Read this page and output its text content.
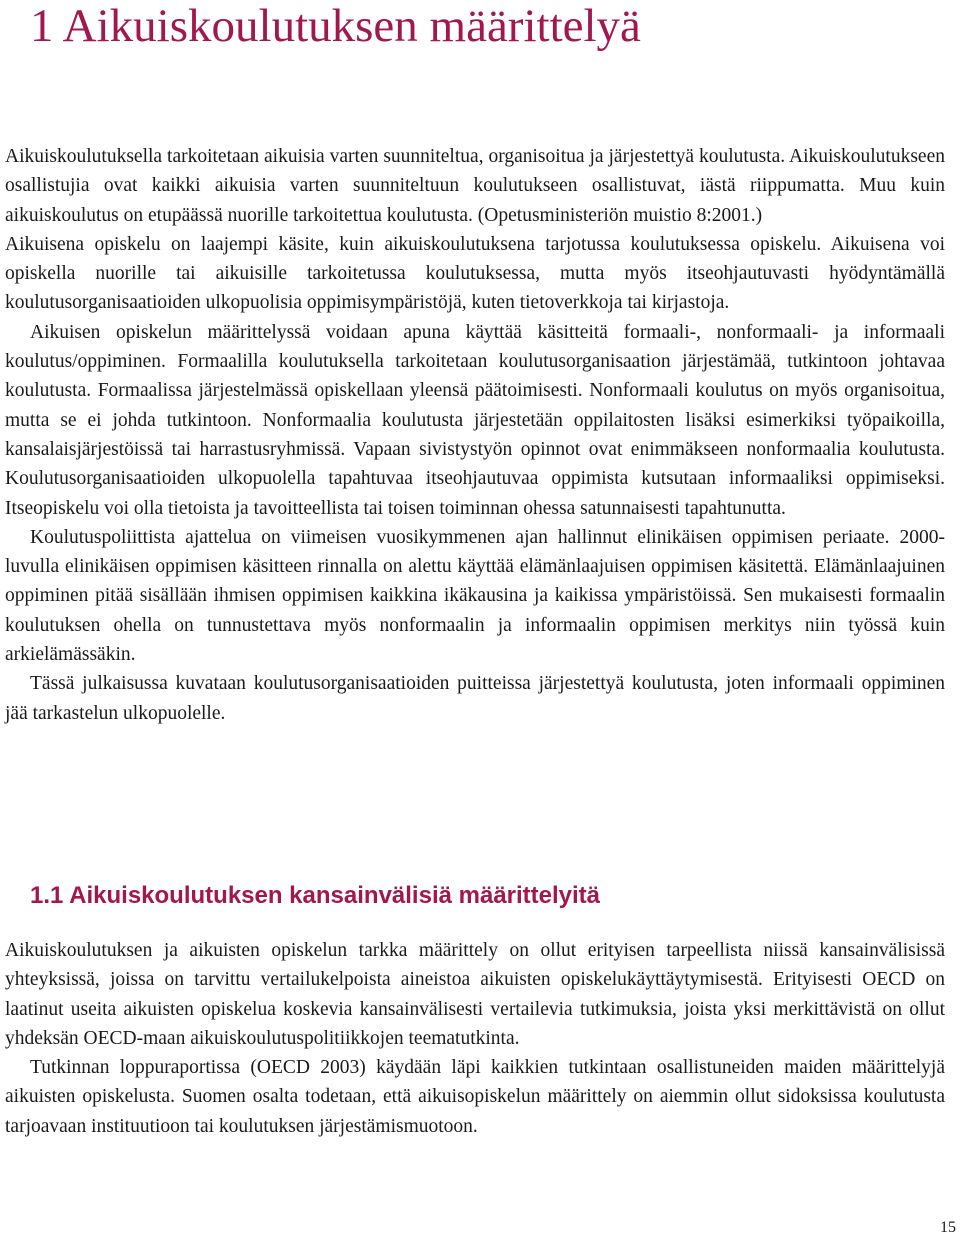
1 Aikuiskoulutuksen määrittelyä

Aikuiskoulutuksella tarkoitetaan aikuisia varten suunniteltua, organisoitua ja järjestettyä koulutusta. Aikuiskoulutukseen osallistujia ovat kaikki aikuisia varten suunniteltuun koulutukseen osallistuvat, iästä riippumatta. Muu kuin aikuiskoulutus on etupäässä nuorille tarkoitettua koulutusta. (Opetusministeriön muistio 8:2001.)

Aikuisena opiskelu on laajempi käsite, kuin aikuiskoulutuksena tarjotussa koulutuksessa opiskelu. Aikuisena voi opiskella nuorille tai aikuisille tarkoitetussa koulutuksessa, mutta myös itseohjautuvasti hyödyntämällä koulutusorganisaatioiden ulkopuolisia oppimisympäristöjä, kuten tietoverkkoja tai kirjastoja.

Aikuisen opiskelun määrittelyssä voidaan apuna käyttää käsitteitä formaali-, nonformaali- ja informaali koulutus/oppiminen. Formaalilla koulutuksella tarkoitetaan koulutusorganisaation järjestämää, tutkintoon johtavaa koulutusta. Formaalissa järjestelmässä opiskellaan yleensä päätoimisesti. Nonformaali koulutus on myös organisoitua, mutta se ei johda tutkintoon. Nonformaalia koulutusta järjestetään oppilaitosten lisäksi esimerkiksi työpaikoilla, kansalaisjärjestöissä tai harrastusryhmissä. Vapaan sivistystyön opinnot ovat enimmäkseen nonformaalia koulutusta. Koulutusorganisaatioiden ulkopuolella tapahtuvaa itseohjautuvaa oppimista kutsutaan informaaliksi oppimiseksi. Itseopiskelu voi olla tietoista ja tavoitteellista tai toisen toiminnan ohessa satunnaisesti tapahtunutta.

Koulutuspoliittista ajattelua on viimeisen vuosikymmenen ajan hallinnut elinikäisen oppimisen periaate. 2000-luvulla elinikäisen oppimisen käsitteen rinnalla on alettu käyttää elämänlaajuisen oppimisen käsitettä. Elämänlaajuinen oppiminen pitää sisällään ihmisen oppimisen kaikkina ikäkausina ja kaikissa ympäristöissä. Sen mukaisesti formaalin koulutuksen ohella on tunnustettava myös nonformaalin ja informaalin oppimisen merkitys niin työssä kuin arkielämässäkin.

Tässä julkaisussa kuvataan koulutusorganisaatioiden puitteissa järjestettyä koulutusta, joten informaali oppiminen jää tarkastelun ulkopuolelle.

1.1 Aikuiskoulutuksen kansainvälisiä määrittelyitä

Aikuiskoulutuksen ja aikuisten opiskelun tarkka määrittely on ollut erityisen tarpeellista niissä kansainvälisissä yhteyksissä, joissa on tarvittu vertailukelpoista aineistoa aikuisten opiskelukäyttäytymisestä. Erityisesti OECD on laatinut useita aikuisten opiskelua koskevia kansainvälisesti vertailevia tutkimuksia, joista yksi merkittävistä on ollut yhdeksän OECD-maan aikuiskoulutuspolitiikkojen teematutkinta.

Tutkinnan loppuraportissa (OECD 2003) käydään läpi kaikkien tutkintaan osallistuneiden maiden määrittelyjä aikuisten opiskelusta. Suomen osalta todetaan, että aikuisopiskelun määrittely on aiemmin ollut sidoksissa koulutusta tarjoavaan instituutioon tai koulutuksen järjestämismuotoon.

15
